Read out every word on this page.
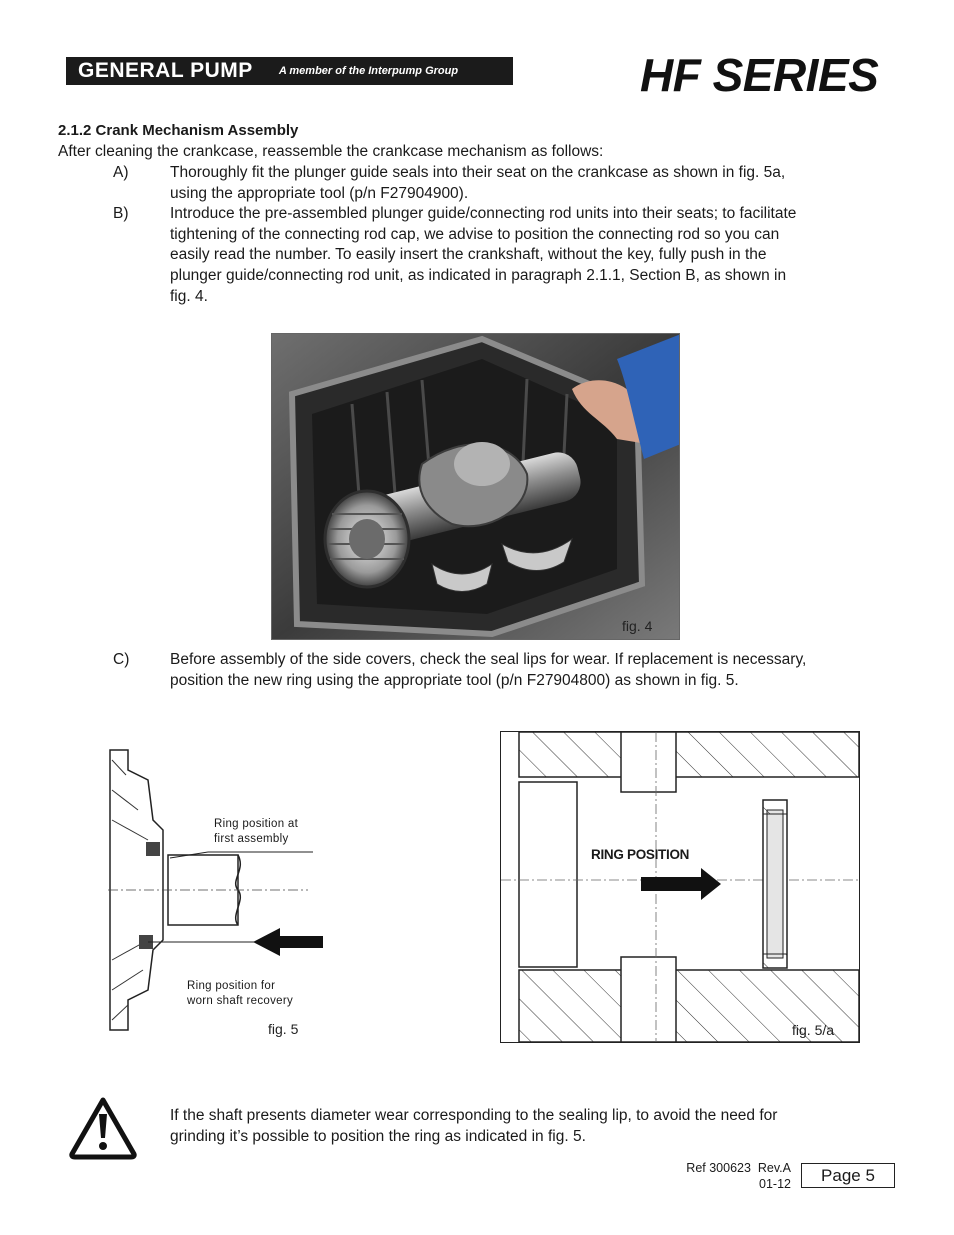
GENERAL PUMP A member of the Interpump Group	HF SERIES
2.1.2 Crank Mechanism Assembly
After cleaning the crankcase, reassemble the crankcase mechanism as follows:
A)	Thoroughly fit the plunger guide seals into their seat on the crankcase as shown in fig. 5a,
using the appropriate tool (p/n F27904900).
B)	Introduce the pre-assembled plunger guide/connecting rod units into their seats; to facilitate
tightening of the connecting rod cap, we advise to position the connecting rod so you can
easily read the number. To easily insert the crankshaft, without the key, fully push in the
plunger guide/connecting rod unit, as indicated in paragraph 2.1.1, Section B, as shown in
fig. 4.
fig. 4
C)	Before assembly of the side covers, check the seal lips for wear. If replacement is necessary,
position the new ring using the appropriate tool (p/n F27904800) as shown in fig. 5.
Ring position at
first assembly
Ring position for
worn shaft recovery
fig. 5
RING POSITION
fig. 5/a
If the shaft presents diameter wear corresponding to the sealing lip, to avoid the need for
grinding it’s possible to position the ring as indicated in fig. 5.
Ref 300623  Rev.A
01-12	Page 5
